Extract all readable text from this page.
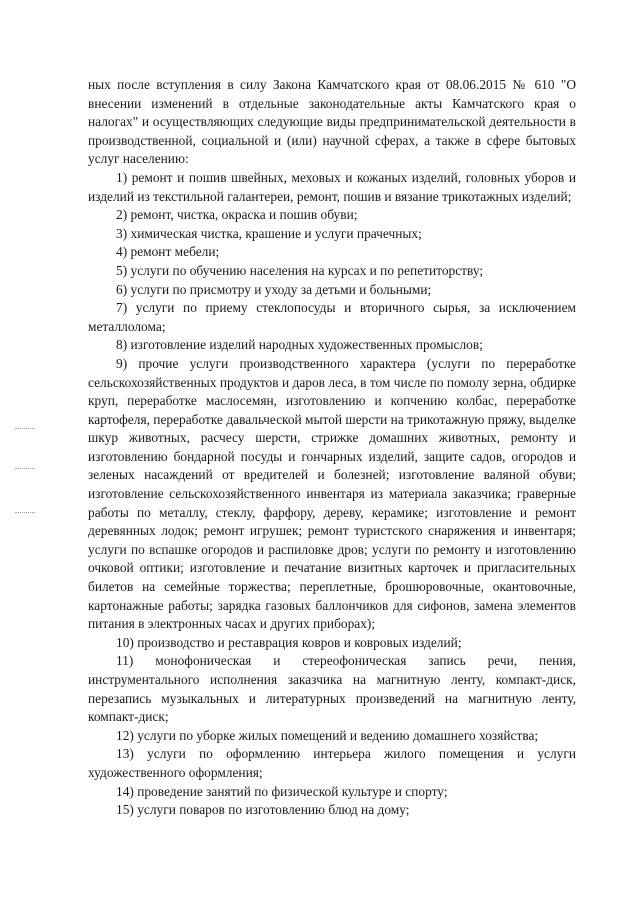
ных после вступления в силу Закона Камчатского края от 08.06.2015 № 610 "О внесении изменений в отдельные законодательные акты Камчатского края о налогах" и осуществляющих следующие виды предпринимательской деятельности в производственной, социальной и (или) научной сферах, а также в сфере бытовых услуг населению:

1) ремонт и пошив швейных, меховых и кожаных изделий, головных уборов и изделий из текстильной галантереи, ремонт, пошив и вязание трикотажных изделий;

2) ремонт, чистка, окраска и пошив обуви;

3) химическая чистка, крашение и услуги прачечных;

4) ремонт мебели;

5) услуги по обучению населения на курсах и по репетиторству;

6) услуги по присмотру и уходу за детьми и больными;

7) услуги по приему стеклопосуды и вторичного сырья, за исключением металлолома;

8) изготовление изделий народных художественных промыслов;

9) прочие услуги производственного характера (услуги по переработке сельскохозяйственных продуктов и даров леса, в том числе по помолу зерна, обдирке круп, переработке маслосемян, изготовлению и копчению колбас, переработке картофеля, переработке давальческой мытой шерсти на трикотажную пряжу, выделке шкур животных, расчесу шерсти, стрижке домашних животных, ремонту и изготовлению бондарной посуды и гончарных изделий, защите садов, огородов и зеленых насаждений от вредителей и болезней; изготовление валяной обуви; изготовление сельскохозяйственного инвентаря из материала заказчика; граверные работы по металлу, стеклу, фарфору, дереву, керамике; изготовление и ремонт деревянных лодок; ремонт игрушек; ремонт туристского снаряжения и инвентаря; услуги по вспашке огородов и распиловке дров; услуги по ремонту и изготовлению очковой оптики; изготовление и печатание визитных карточек и пригласительных билетов на семейные торжества; переплетные, брошюровочные, окантовочные, картонажные работы; зарядка газовых баллончиков для сифонов, замена элементов питания в электронных часах и других приборах);

10) производство и реставрация ковров и ковровых изделий;

11) монофоническая и стереофоническая запись речи, пения, инструментального исполнения заказчика на магнитную ленту, компакт-диск, перезапись музыкальных и литературных произведений на магнитную ленту, компакт-диск;

12) услуги по уборке жилых помещений и ведению домашнего хозяйства;

13) услуги по оформлению интерьера жилого помещения и услуги художественного оформления;

14) проведение занятий по физической культуре и спорту;

15) услуги поваров по изготовлению блюд на дому;
